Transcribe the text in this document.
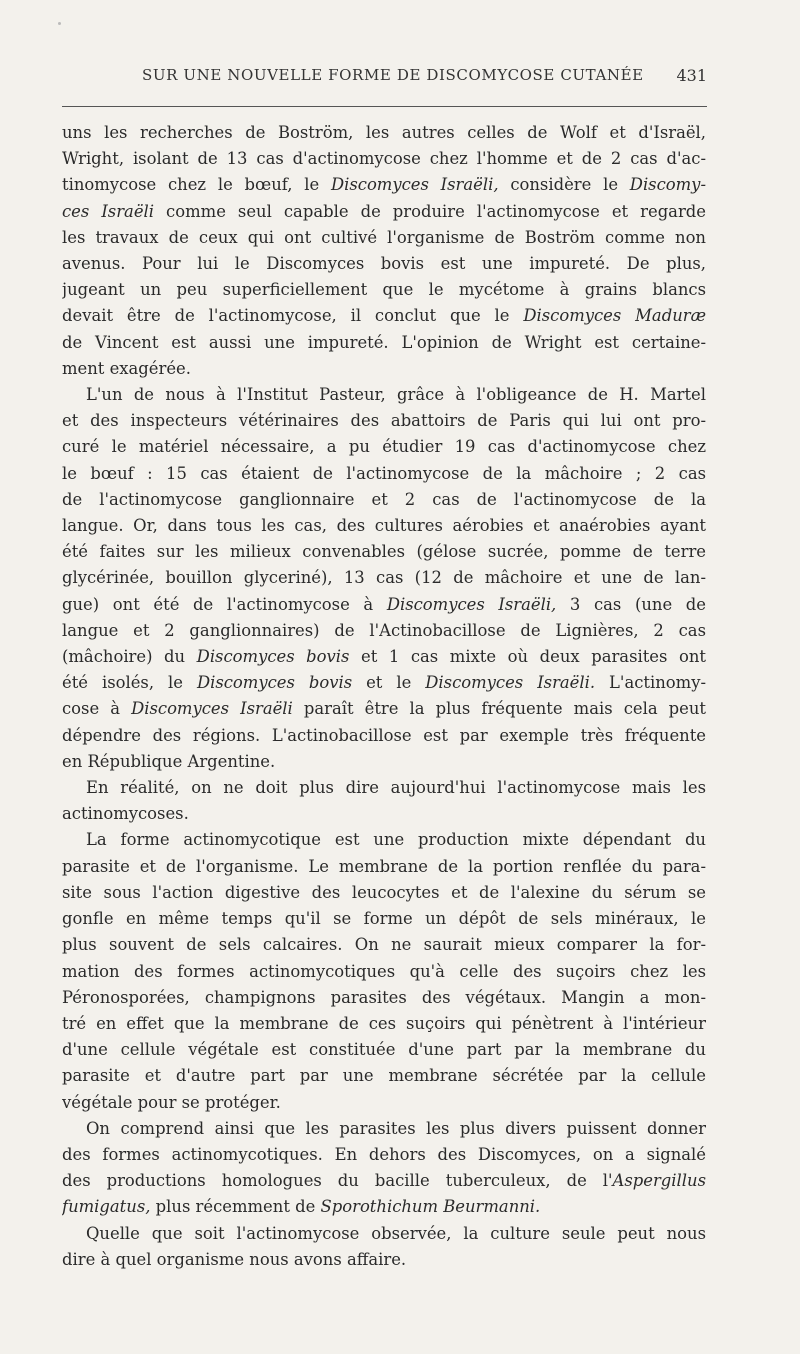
SUR UNE NOUVELLE FORME DE DISCOMYCOSE CUTANÉE 431

uns les recherches de Boström, les autres celles de Wolf et d'Israël,
Wright, isolant de 13 cas d'actinomycose chez l'homme et de 2 cas d'ac-
tinomycose chez le bœuf, le Discomyces Israëli, considère le Discomy-
ces Israëli comme seul capable de produire l'actinomycose et regarde
les travaux de ceux qui ont cultivé l'organisme de Boström comme non
avenus. Pour lui le Discomyces bovis est une impureté. De plus,
jugeant un peu superficiellement que le mycétome à grains blancs
devait être de l'actinomycose, il conclut que le Discomyces Maduræ
de Vincent est aussi une impureté. L'opinion de Wright est certaine-
ment exagérée.

L'un de nous à l'Institut Pasteur, grâce à l'obligeance de H. Martel
et des inspecteurs vétérinaires des abattoirs de Paris qui lui ont pro-
curé le matériel nécessaire, a pu étudier 19 cas d'actinomycose chez
le bœuf : 15 cas étaient de l'actinomycose de la mâchoire ; 2 cas
de l'actinomycose ganglionnaire et 2 cas de l'actinomycose de la
langue. Or, dans tous les cas, des cultures aérobies et anaérobies ayant
été faites sur les milieux convenables (gélose sucrée, pomme de terre
glycérinée, bouillon glyceriné), 13 cas (12 de mâchoire et une de lan-
gue) ont été de l'actinomycose à Discomyces Israëli, 3 cas (une de
langue et 2 ganglionnaires) de l'Actinobacillose de Lignières, 2 cas
(mâchoire) du Discomyces bovis et 1 cas mixte où deux parasites ont
été isolés, le Discomyces bovis et le Discomyces Israëli. L'actinomy-
cose à Discomyces Israëli paraît être la plus fréquente mais cela peut
dépendre des régions. L'actinobacillose est par exemple très fréquente
en République Argentine.

En réalité, on ne doit plus dire aujourd'hui l'actinomycose mais les
actinomycoses.

La forme actinomycotique est une production mixte dépendant du
parasite et de l'organisme. Le membrane de la portion renflée du para-
site sous l'action digestive des leucocytes et de l'alexine du sérum se
gonfle en même temps qu'il se forme un dépôt de sels minéraux, le
plus souvent de sels calcaires. On ne saurait mieux comparer la for-
mation des formes actinomycotiques qu'à celle des suçoirs chez les
Péronosporées, champignons parasites des végétaux. Mangin a mon-
tré en effet que la membrane de ces suçoirs qui pénètrent à l'intérieur
d'une cellule végétale est constituée d'une part par la membrane du
parasite et d'autre part par une membrane sécrétée par la cellule
végétale pour se protéger.

On comprend ainsi que les parasites les plus divers puissent donner
des formes actinomycotiques. En dehors des Discomyces, on a signalé
des productions homologues du bacille tuberculeux, de l'Aspergillus
fumigatus, plus récemment de Sporothichum Beurmanni.

Quelle que soit l'actinomycose observée, la culture seule peut nous
dire à quel organisme nous avons affaire.
